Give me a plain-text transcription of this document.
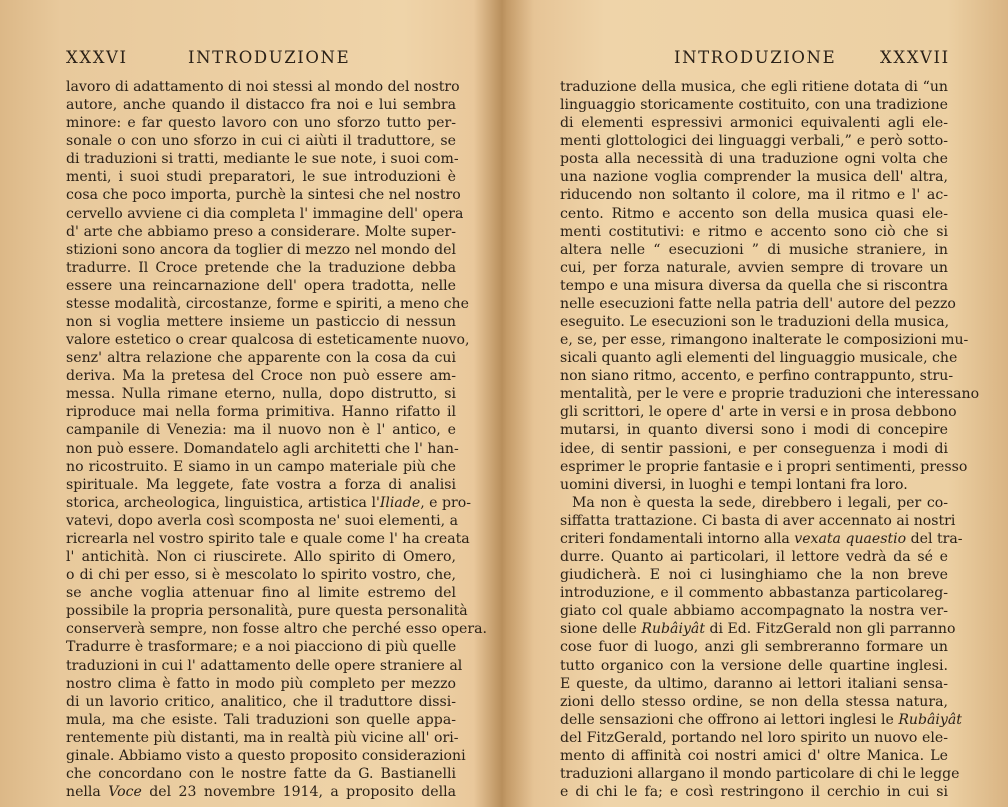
XXXVI	INTRODUZIONE
lavoro di adattamento di noi stessi al mondo del nostro
autore, anche quando il distacco fra noi e lui sembra
minore: e far questo lavoro con uno sforzo tutto per-
sonale o con uno sforzo in cui ci aiùti il traduttore, se
di traduzioni si tratti, mediante le sue note, i suoi com-
menti, i suoi studi preparatori, le sue introduzioni è
cosa che poco importa, purchè la sintesi che nel nostro
cervello avviene ci dia completa l' immagine dell' opera
d' arte che abbiamo preso a considerare. Molte super-
stizioni sono ancora da toglier di mezzo nel mondo del
tradurre. Il Croce pretende che la traduzione debba
essere una reincarnazione dell' opera tradotta, nelle
stesse modalità, circostanze, forme e spiriti, a meno che
non si voglia mettere insieme un pasticcio di nessun
valore estetico o crear qualcosa di esteticamente nuovo,
senz' altra relazione che apparente con la cosa da cui
deriva. Ma la pretesa del Croce non può essere am-
messa. Nulla rimane eterno, nulla, dopo distrutto, si
riproduce mai nella forma primitiva. Hanno rifatto il
campanile di Venezia: ma il nuovo non è l' antico, e
non può essere. Domandatelo agli architetti che l' han-
no ricostruito. E siamo in un campo materiale più che
spirituale. Ma leggete, fate vostra a forza di analisi
storica, archeologica, linguistica, artistica l'Iliade, e pro-
vatevi, dopo averla così scomposta ne' suoi elementi, a
ricrearla nel vostro spirito tale e quale come l' ha creata
l' antichità. Non ci riuscirete. Allo spirito di Omero,
o di chi per esso, si è mescolato lo spirito vostro, che,
se anche voglia attenuar fino al limite estremo del
possibile la propria personalità, pure questa personalità
conserverà sempre, non fosse altro che perché esso opera.
Tradurre è trasformare; e a noi piacciono di più quelle
traduzioni in cui l' adattamento delle opere straniere al
nostro clima è fatto in modo più completo per mezzo
di un lavorio critico, analitico, che il traduttore dissi-
mula, ma che esiste. Tali traduzioni son quelle appa-
rentemente più distanti, ma in realtà più vicine all' ori-
ginale. Abbiamo visto a questo proposito considerazioni
che concordano con le nostre fatte da G. Bastianelli
nella Voce del 23 novembre 1914, a proposito della
INTRODUZIONE	XXXVII
traduzione della musica, che egli ritiene dotata di “un
linguaggio storicamente costituito, con una tradizione
di elementi espressivi armonici equivalenti agli ele-
menti glottologici dei linguaggi verbali,” e però sotto-
posta alla necessità di una traduzione ogni volta che
una nazione voglia comprender la musica dell' altra,
riducendo non soltanto il colore, ma il ritmo e l' ac-
cento. Ritmo e accento son della musica quasi ele-
menti costitutivi: e ritmo e accento sono ciò che si
altera nelle “ esecuzioni ” di musiche straniere, in
cui, per forza naturale, avvien sempre di trovare un
tempo e una misura diversa da quella che si riscontra
nelle esecuzioni fatte nella patria dell' autore del pezzo
eseguito. Le esecuzioni son le traduzioni della musica,
e, se, per esse, rimangono inalterate le composizioni mu-
sicali quanto agli elementi del linguaggio musicale, che
non siano ritmo, accento, e perfino contrappunto, stru-
mentalità, per le vere e proprie traduzioni che interessano
gli scrittori, le opere d' arte in versi e in prosa debbono
mutarsi, in quanto diversi sono i modi di concepire
idee, di sentir passioni, e per conseguenza i modi di
esprimer le proprie fantasie e i propri sentimenti, presso
uomini diversi, in luoghi e tempi lontani fra loro.
Ma non è questa la sede, direbbero i legali, per co-
siffatta trattazione. Ci basta di aver accennato ai nostri
criteri fondamentali intorno alla vexata quaestio del tra-
durre. Quanto ai particolari, il lettore vedrà da sé e
giudicherà. E noi ci lusinghiamo che la non breve
introduzione, e il commento abbastanza particolareg-
giato col quale abbiamo accompagnato la nostra ver-
sione delle Rubâiyât di Ed. FitzGerald non gli parranno
cose fuor di luogo, anzi gli sembreranno formare un
tutto organico con la versione delle quartine inglesi.
E queste, da ultimo, daranno ai lettori italiani sensa-
zioni dello stesso ordine, se non della stessa natura,
delle sensazioni che offrono ai lettori inglesi le Rubâiyât
del FitzGerald, portando nel loro spirito un nuovo ele-
mento di affinità coi nostri amici d' oltre Manica. Le
traduzioni allargano il mondo particolare di chi le legge
e di chi le fa; e così restringono il cerchio in cui si
